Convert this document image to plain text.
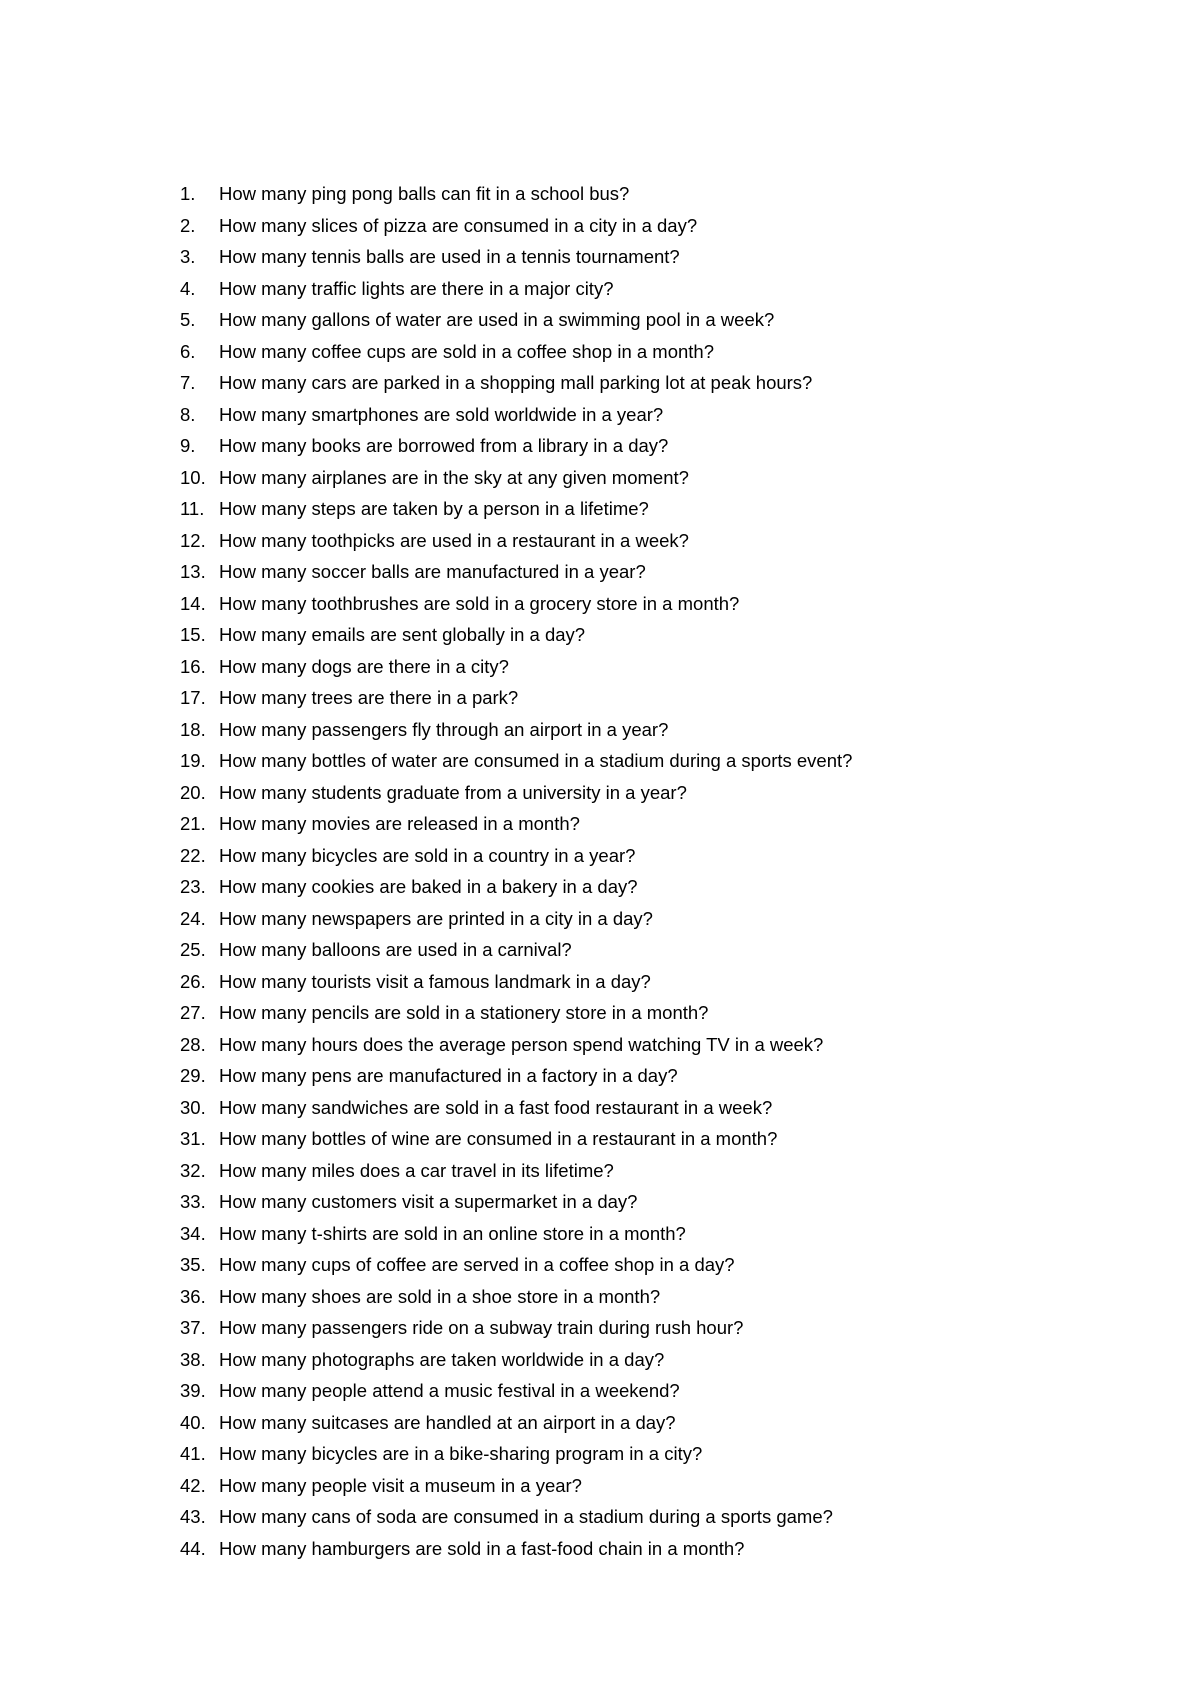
1.	How many ping pong balls can fit in a school bus?
2.	How many slices of pizza are consumed in a city in a day?
3.	How many tennis balls are used in a tennis tournament?
4.	How many traffic lights are there in a major city?
5.	How many gallons of water are used in a swimming pool in a week?
6.	How many coffee cups are sold in a coffee shop in a month?
7.	How many cars are parked in a shopping mall parking lot at peak hours?
8.	How many smartphones are sold worldwide in a year?
9.	How many books are borrowed from a library in a day?
10. How many airplanes are in the sky at any given moment?
11. How many steps are taken by a person in a lifetime?
12. How many toothpicks are used in a restaurant in a week?
13. How many soccer balls are manufactured in a year?
14. How many toothbrushes are sold in a grocery store in a month?
15. How many emails are sent globally in a day?
16. How many dogs are there in a city?
17. How many trees are there in a park?
18. How many passengers fly through an airport in a year?
19. How many bottles of water are consumed in a stadium during a sports event?
20. How many students graduate from a university in a year?
21. How many movies are released in a month?
22. How many bicycles are sold in a country in a year?
23. How many cookies are baked in a bakery in a day?
24. How many newspapers are printed in a city in a day?
25. How many balloons are used in a carnival?
26. How many tourists visit a famous landmark in a day?
27. How many pencils are sold in a stationery store in a month?
28. How many hours does the average person spend watching TV in a week?
29. How many pens are manufactured in a factory in a day?
30. How many sandwiches are sold in a fast food restaurant in a week?
31. How many bottles of wine are consumed in a restaurant in a month?
32. How many miles does a car travel in its lifetime?
33. How many customers visit a supermarket in a day?
34. How many t-shirts are sold in an online store in a month?
35. How many cups of coffee are served in a coffee shop in a day?
36. How many shoes are sold in a shoe store in a month?
37. How many passengers ride on a subway train during rush hour?
38. How many photographs are taken worldwide in a day?
39. How many people attend a music festival in a weekend?
40. How many suitcases are handled at an airport in a day?
41. How many bicycles are in a bike-sharing program in a city?
42. How many people visit a museum in a year?
43. How many cans of soda are consumed in a stadium during a sports game?
44. How many hamburgers are sold in a fast-food chain in a month?
